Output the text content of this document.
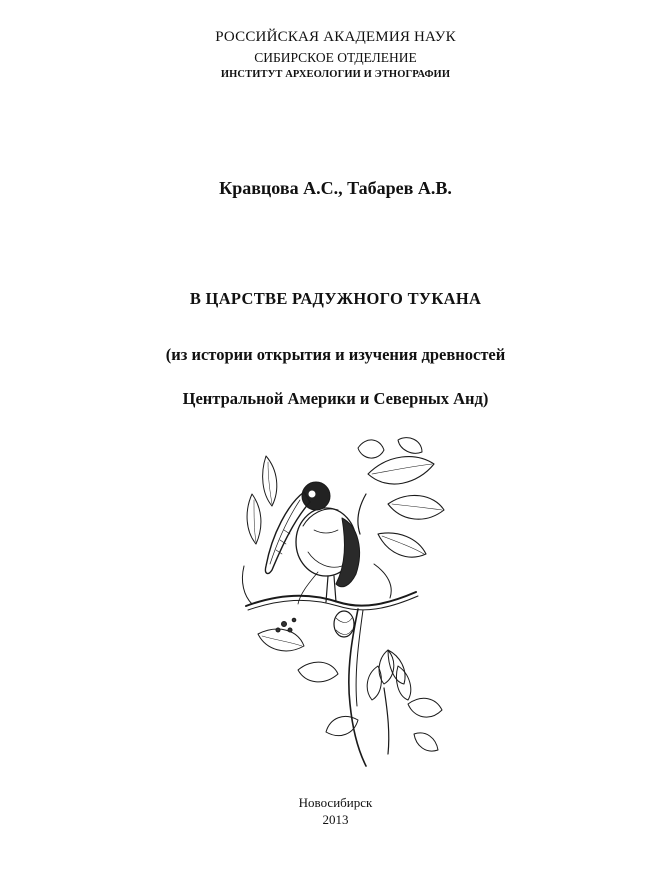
РОССИЙСКАЯ АКАДЕМИЯ НАУК
СИБИРСКОЕ ОТДЕЛЕНИЕ
ИНСТИТУТ АРХЕОЛОГИИ И ЭТНОГРАФИИ
Кравцова А.С., Табарев А.В.
В ЦАРСТВЕ РАДУЖНОГО ТУКАНА
(из истории открытия и изучения древностей
Центральной Америки и Северных Анд)
Новосибирск
2013
